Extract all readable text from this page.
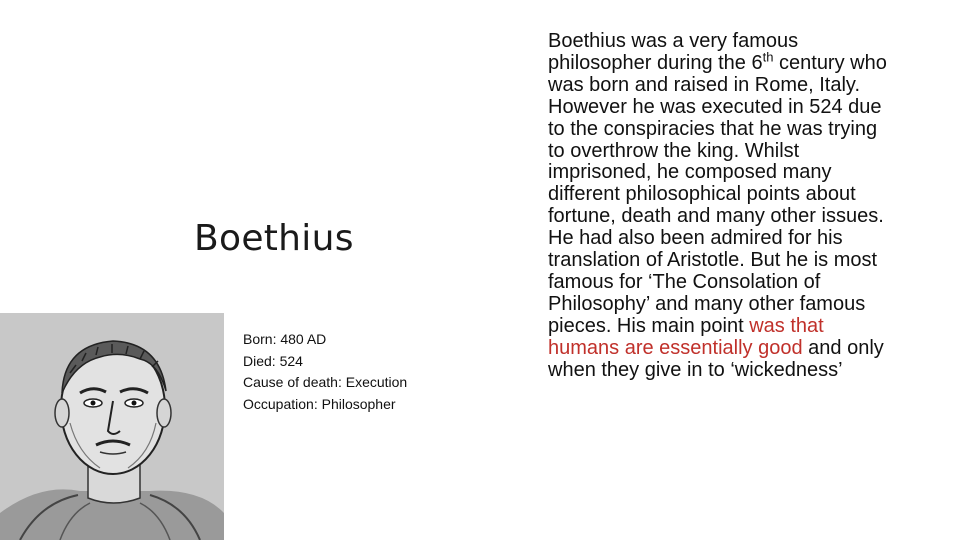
Boethius
Born: 480 AD
Died: 524
Cause of death: Execution
Occupation: Philosopher
Boethius was a very famous
philosopher during the 6th century who
was born and raised in Rome, Italy.
However he was executed in 524 due
to the conspiracies that he was trying
to overthrow the king. Whilst
imprisoned, he composed many
different philosophical points about
fortune, death and many other issues.
He had also been admired for his
translation of Aristotle. But he is most
famous for ‘The Consolation of
Philosophy’ and many other famous
pieces. His main point was that
humans are essentially good and only
when they give in to ‘wickedness’
